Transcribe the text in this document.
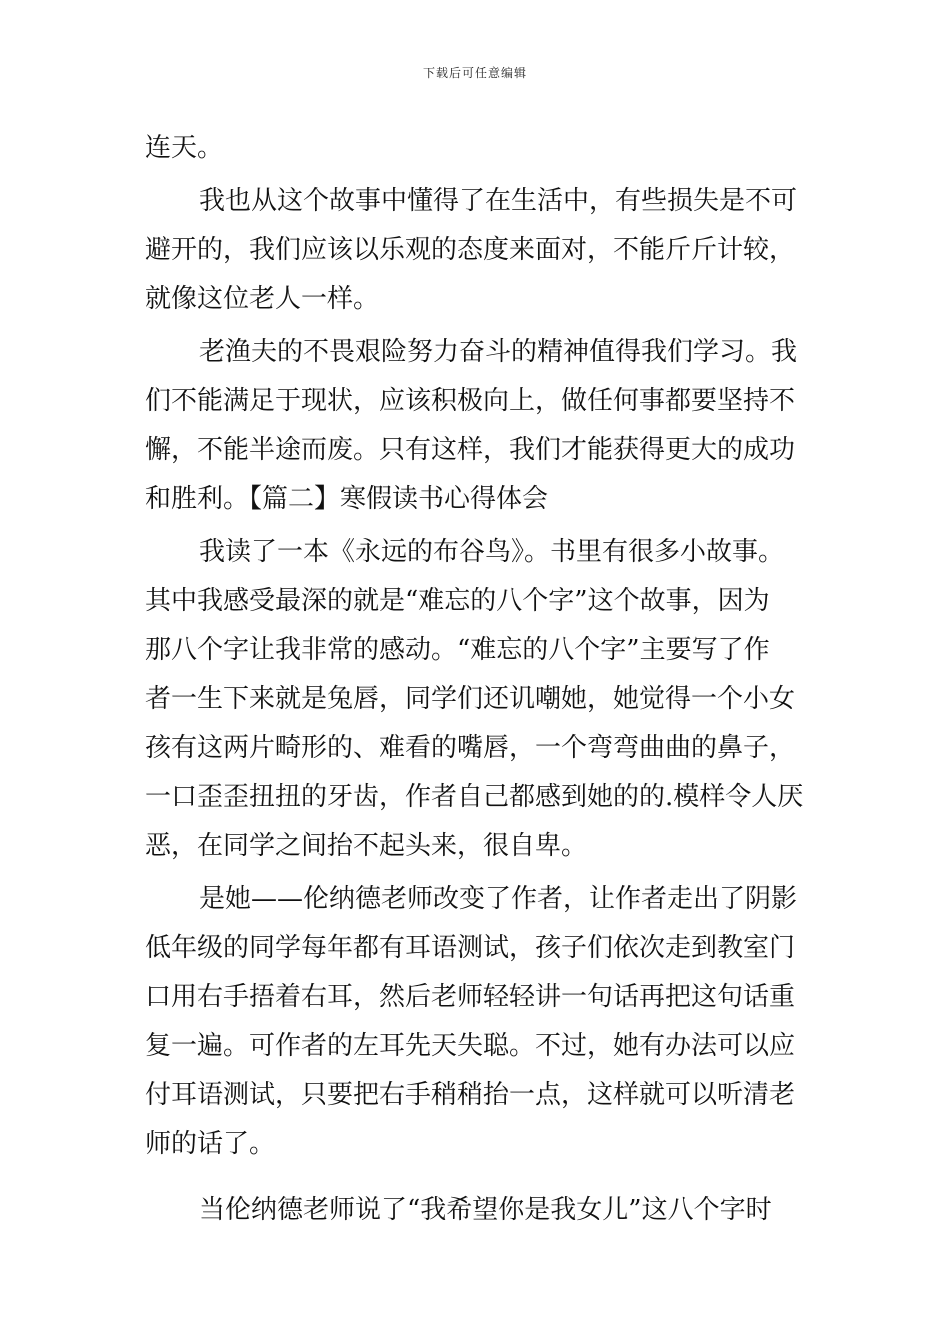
下载后可任意编辑
连天。
我也从这个故事中懂得了在生活中，有些损失是不可
避开的，我们应该以乐观的态度来面对，不能斤斤计较，
就像这位老人一样。
老渔夫的不畏艰险努力奋斗的精神值得我们学习。我
们不能满足于现状，应该积极向上，做任何事都要坚持不
懈，不能半途而废。只有这样，我们才能获得更大的成功
和胜利。【篇二】寒假读书心得体会
我读了一本《永远的布谷鸟》。书里有很多小故事。
其中我感受最深的就是“难忘的八个字”这个故事，因为
那八个字让我非常的感动。“难忘的八个字”主要写了作
者一生下来就是兔唇，同学们还讥嘲她，她觉得一个小女
孩有这两片畸形的、难看的嘴唇，一个弯弯曲曲的鼻子，
一口歪歪扭扭的牙齿，作者自己都感到她的的.模样令人厌
恶，在同学之间抬不起头来，很自卑。
是她——伦纳德老师改变了作者，让作者走出了阴影
低年级的同学每年都有耳语测试，孩子们依次走到教室门
口用右手捂着右耳，然后老师轻轻讲一句话再把这句话重
复一遍。可作者的左耳先天失聪。不过，她有办法可以应
付耳语测试，只要把右手稍稍抬一点，这样就可以听清老
师的话了。
当伦纳德老师说了“我希望你是我女儿”这八个字时
